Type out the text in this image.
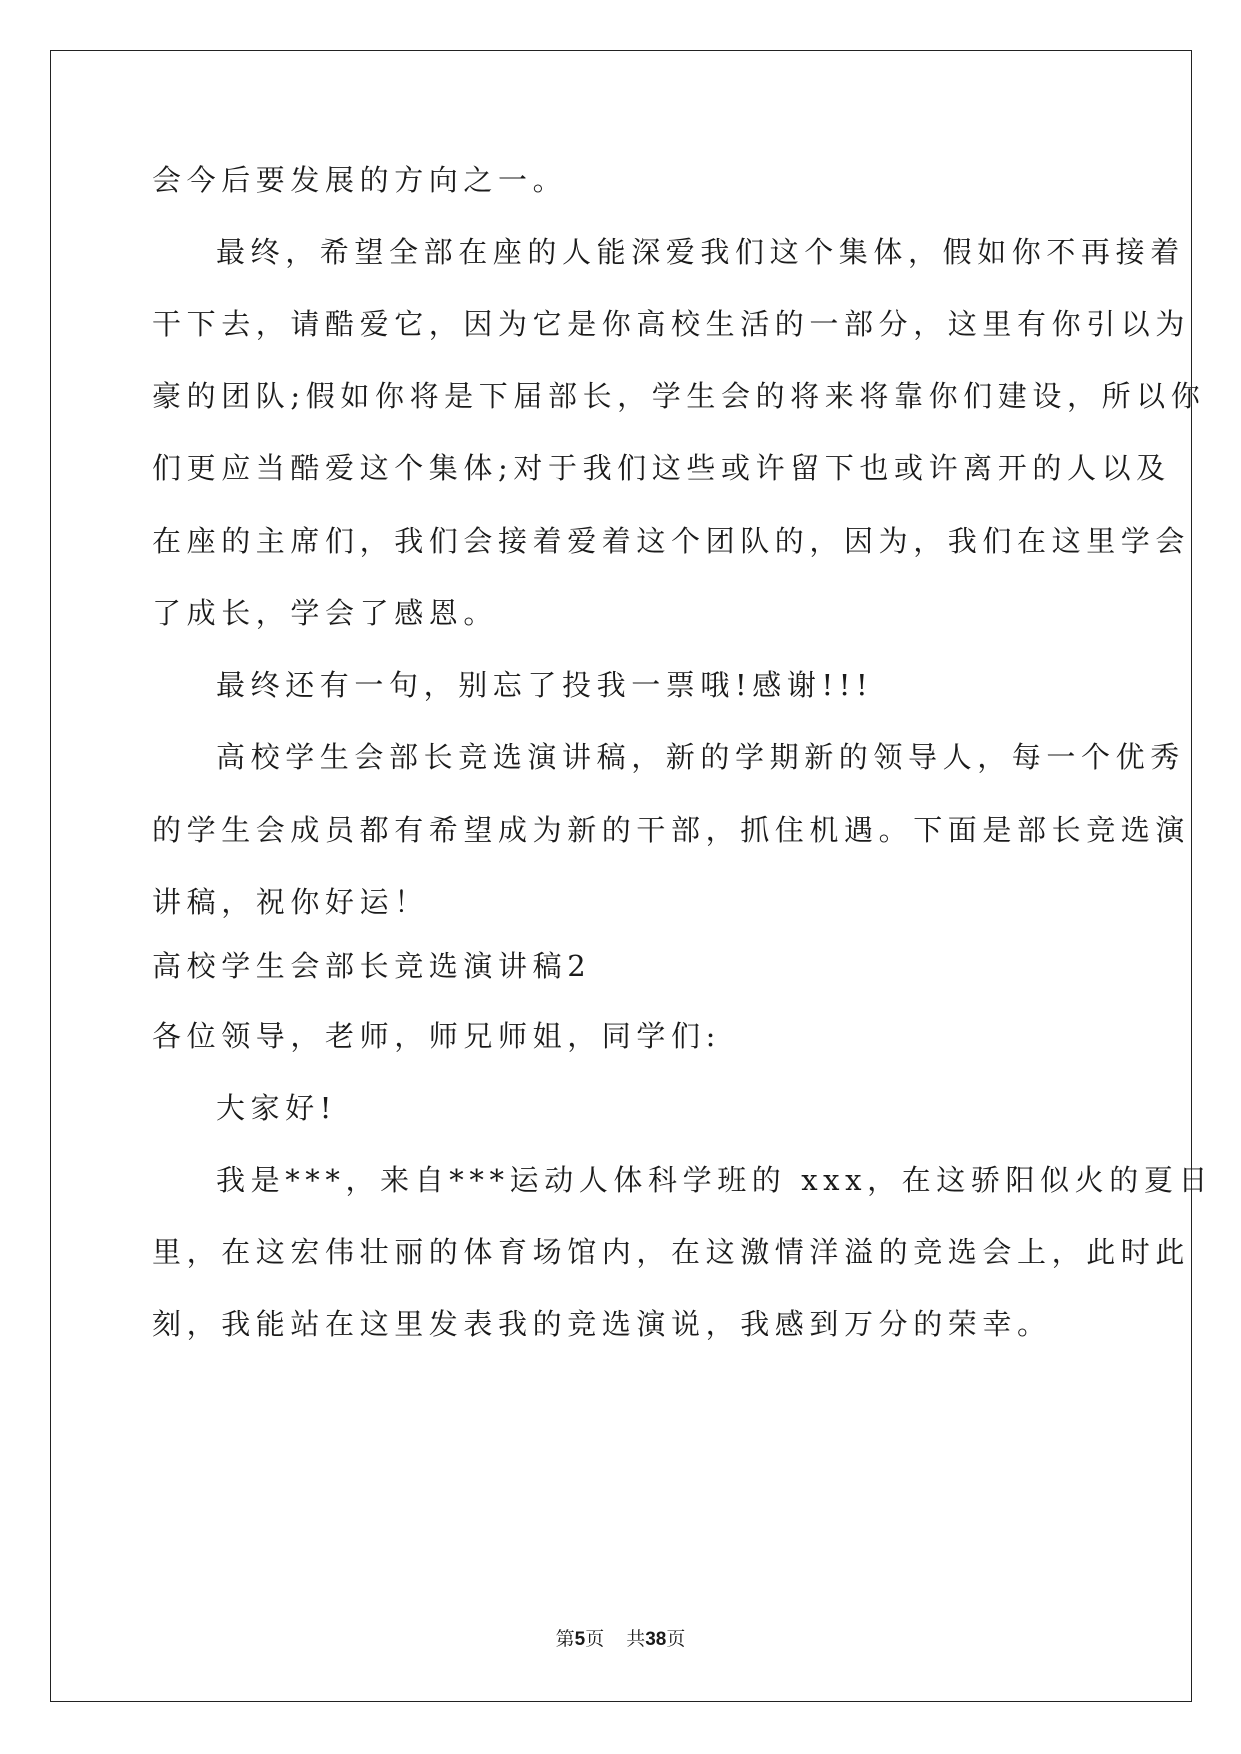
会今后要发展的方向之一。
最终，希望全部在座的人能深爱我们这个集体，假如你不再接着
干下去，请酷爱它，因为它是你高校生活的一部分，这里有你引以为
豪的团队;假如你将是下届部长，学生会的将来将靠你们建设，所以你
们更应当酷爱这个集体;对于我们这些或许留下也或许离开的人以及
在座的主席们，我们会接着爱着这个团队的，因为，我们在这里学会
了成长，学会了感恩。
最终还有一句，别忘了投我一票哦!感谢!!!
高校学生会部长竞选演讲稿，新的学期新的领导人，每一个优秀
的学生会成员都有希望成为新的干部，抓住机遇。下面是部长竞选演
讲稿，祝你好运！
高校学生会部长竞选演讲稿2
各位领导，老师，师兄师姐，同学们:
大家好!
我是***，来自***运动人体科学班的 xxx，在这骄阳似火的夏日
里，在这宏伟壮丽的体育场馆内，在这激情洋溢的竞选会上，此时此
刻，我能站在这里发表我的竞选演说，我感到万分的荣幸。
第5页 共38页
